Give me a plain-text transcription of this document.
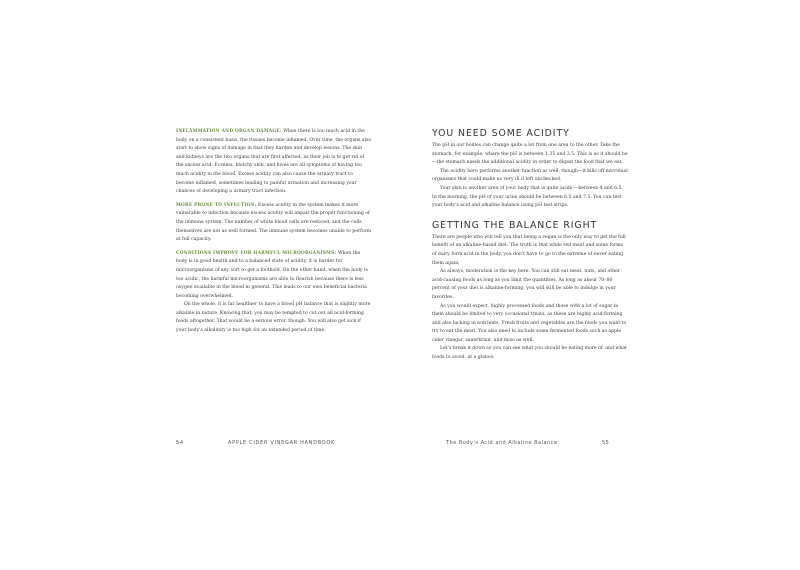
INFLAMMATION AND ORGAN DAMAGE: When there is too much acid in the body on a consistent basis, the tissues become inflamed. Over time, the organs also start to show signs of damage in that they harden and develop lesions. The skin and kidneys are the two organs that are first affected, as their job is to get rid of the excess acid. Eczema, blotchy skin, and hives are all symptoms of having too much acidity in the blood. Excess acidity can also cause the urinary tract to become inflamed, sometimes leading to painful urination and increasing your chances of developing a urinary tract infection.

MORE PRONE TO INFECTION: Excess acidity in the system makes it more vulnerable to infection because excess acidity will impair the proper functioning of the immune system. The number of white blood cells are reduced, and the cells themselves are not as well formed. The immune system becomes unable to perform at full capacity.

CONDITIONS IMPROVE FOR HARMFUL MICROORGANISMS: When the body is in good health and to a balanced state of acidity, it is harder for microorganisms of any sort to get a foothold. On the other hand, when the body is too acidic, the harmful microorganisms are able to flourish because there is less oxygen available in the blood in general. This leads to our own beneficial bacteria becoming overwhelmed.

On the whole, it is far healthier to have a blood pH balance that is slightly more alkaline in nature. Knowing that, you may be tempted to cut out all acid-forming foods altogether. That would be a serious error, though. You will also get sick if your body's alkalinity is too high for an extended period of time.

54	APPLE CIDER VINEGAR HANDBOOK
YOU NEED SOME ACIDITY

The pH in our bodies can change quite a lot from one area to the other. Take the stomach, for example, where the pH is between 1.35 and 3.5. This is as it should be—the stomach needs the additional acidity in order to digest the food that we eat.

The acidity here performs another function as well, though—it kills off microbial organisms that could make us very ill if left unchecked.

Your skin is another area of your body that is quite acidic—between 4 and 6.5. In the morning, the pH of your urine should be between 6.5 and 7.5. You can test your body's acid and alkaline balance using pH test strips.

GETTING THE BALANCE RIGHT

There are people who will tell you that being a vegan is the only way to get the full benefit of an alkaline-based diet. The truth is that while red meat and some forms of dairy form acid in the body, you don't have to go to the extreme of never eating them again.

As always, moderation is the key here. You can still eat meat, nuts, and other acid-causing foods as long as you limit the quantities. As long as about 70–80 percent of your diet is alkaline-forming, you will still be able to indulge in your favorites.

As you would expect, highly processed foods and those with a lot of sugar in them should be limited to very occasional treats, as these are highly acid-forming and also lacking in nutrients. Fresh fruits and vegetables are the foods you want to try to eat the most. You also need to include some fermented foods such as apple cider vinegar, sauerkraut, and miso as well.

Let's break it down so you can see what you should be eating more of, and what foods to avoid, at a glance.

The Body's Acid and Alkaline Balance	55
